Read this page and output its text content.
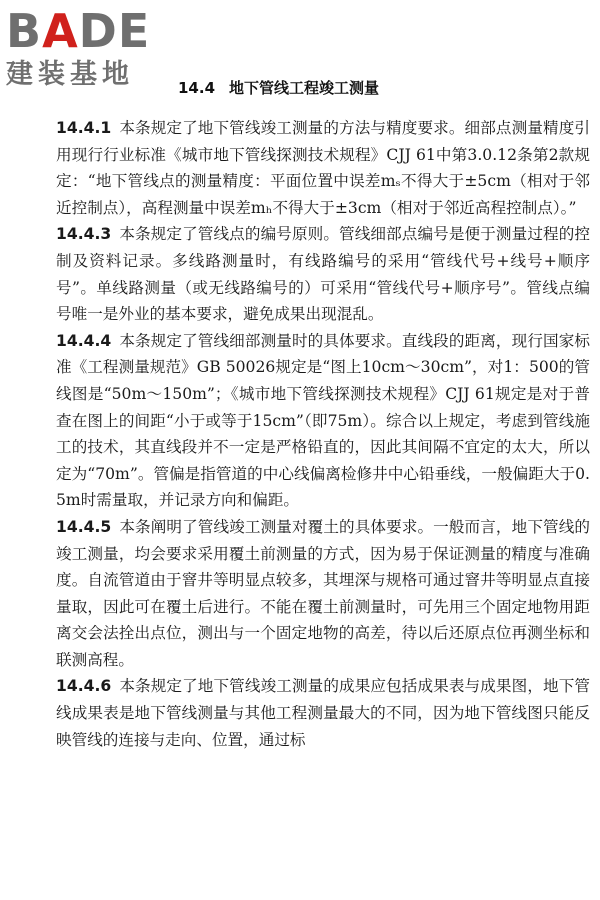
BADE
建装基地	14.4 地下管线工程竣工测量

14.4.1 本条规定了地下管线竣工测量的方法与精度要求。细部点测量精度引用现行行业标准《城市地下管线探测技术规程》CJJ 61中第3.0.12条第2款规定：“地下管线点的测量精度：平面位置中误差mₛ不得大于±5cm（相对于邻近控制点），高程测量中误差mₕ不得大于±3cm（相对于邻近高程控制点）。”

14.4.3 本条规定了管线点的编号原则。管线细部点编号是便于测量过程的控制及资料记录。多线路测量时，有线路编号的采用“管线代号+线号+顺序号”。单线路测量（或无线路编号的）可采用“管线代号+顺序号”。管线点编号唯一是外业的基本要求，避免成果出现混乱。

14.4.4 本条规定了管线细部测量时的具体要求。直线段的距离，现行国家标准《工程测量规范》GB 50026规定是“图上10cm～30cm”，对1：500的管线图是“50m～150m”；《城市地下管线探测技术规程》CJJ 61规定是对于普查在图上的间距“小于或等于15cm”（即75m）。综合以上规定，考虑到管线施工的技术，其直线段并不一定是严格铅直的，因此其间隔不宜定的太大，所以定为“70m”。管偏是指管道的中心线偏离检修井中心铅垂线，一般偏距大于0.5m时需量取，并记录方向和偏距。

14.4.5 本条阐明了管线竣工测量对覆土的具体要求。一般而言，地下管线的竣工测量，均会要求采用覆土前测量的方式，因为易于保证测量的精度与准确度。自流管道由于窨井等明显点较多，其埋深与规格可通过窨井等明显点直接量取，因此可在覆土后进行。不能在覆土前测量时，可先用三个固定地物用距离交会法拴出点位，测出与一个固定地物的高差，待以后还原点位再测坐标和联测高程。

14.4.6 本条规定了地下管线竣工测量的成果应包括成果表与成果图，地下管线成果表是地下管线测量与其他工程测量最大的不同，因为地下管线图只能反映管线的连接与走向、位置，通过标
